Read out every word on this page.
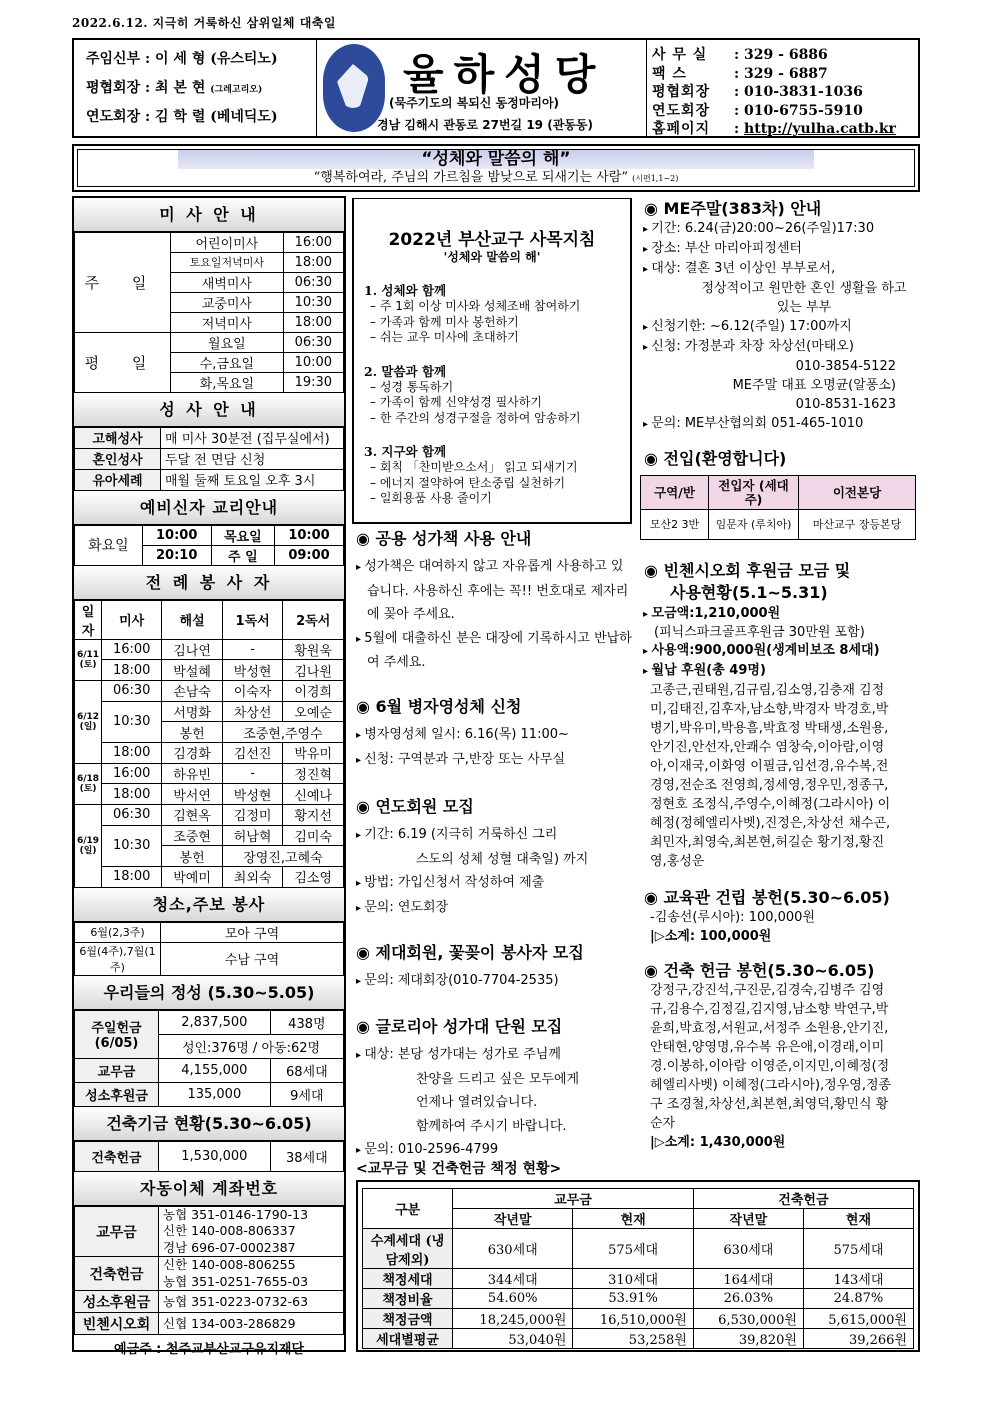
2022.6.12. 지극히 거룩하신 삼위일체 대축일
주임신부 : 이 세 형 (유스티노)
평협회장 : 최 본 현 (그레고리오)
연도회장 : 김 학 렬 (베네딕도)
율하성당
(묵주기도의 복되신 동정마리아)
경남 김해시 관동로 27번길 19 (관동동)
사 무 실 : 329 - 6886
팩 스	: 329 - 6887
평협회장 : 010-3831-1036
연도회장 : 010-6755-5910
홈페이지 : http://yulha.catb.kr
“성체와 말씀의 해”
“행복하여라, 주님의 가르침을 밤낮으로 되새기는 사람” (시편1,1~2)
미 사 안 내
주 일	어린이미사	16:00
	토요일저녁미사	18:00
	새벽미사	06:30
	교중미사	10:30
	저녁미사	18:00
평 일	월요일	06:30
	수,금요일	10:00
	화,목요일	19:30
성 사 안 내
고해성사	매 미사 30분전 (집무실에서)
혼인성사	두달 전 면담 신청
유아세례	매월 둘째 토요일 오후 3시
예비신자 교리안내
화요일	10:00	목요일	10:00
	20:10	주 일	09:00
전 례 봉 사 자
일자	미사	해설	1독서	2독서
6/11 (토)	16:00	김나연	-	황원욱
	18:00	박설혜	박성현	김나원
6/12 (일)	06:30	손남숙	이숙자	이경희
	10:30	서명화	차상선	오예순
		봉헌	조중현,주영수	
	18:00	김경화	김선진	박유미
6/18 (토)	16:00	하유빈	-	정진혁
	18:00	박서연	박성현	신예나
6/19 (일)	06:30	김현옥	김정미	황지선
	10:30	조중현	허남혁	김미숙
		봉헌	장영진,고혜숙	
	18:00	박예미	최외숙	김소영
청소,주보 봉사
6월(2,3주)	모아 구역
6월(4주),7월(1주)	수남 구역
우리들의 정성 (5.30~5.05)
주일헌금
(6/05)	2,837,500	438명
	성인:376명 / 아동:62명	
교무금	4,155,000	68세대
성소후원금	135,000	9세대
건축기금 현황(5.30~6.05)
건축헌금	1,530,000	38세대
자동이체 계좌번호
교무금	농협 351-0146-1790-13
신한 140-008-806337
경남 696-07-0002387

건축헌금	신한 140-008-806255
농협 351-0251-7655-03

성소후원금	농협 351-0223-0732-63
빈첸시오회	신협 134-003-286829
예금주 : 천주교부산교구유지재단
2022년 부산교구 사목지침
'성체와 말씀의 해'
1. 성체와 함께
– 주 1회 이상 미사와 성체조배 참여하기
– 가족과 함께 미사 봉헌하기
– 쉬는 교우 미사에 초대하기
2. 말씀과 함께
– 성경 통독하기
– 가족이 함께 신약성경 필사하기
– 한 주간의 성경구절을 정하여 암송하기
3. 지구와 함께
– 회칙 「찬미받으소서」 읽고 되새기기
– 에너지 절약하여 탄소중립 실천하기
– 일회용품 사용 줄이기
◉ 공용 성가책 사용 안내
▸ 성가책은 대여하지 않고 자유롭게 사용하고 있습니다. 사용하신 후에는 꼭!! 번호대로 제자리에 꽂아 주세요.
▸ 5월에 대출하신 분은 대장에 기록하시고 반납하여 주세요.
◉ 6월 병자영성체 신청
▸ 병자영성체 일시: 6.16(목) 11:00~
▸ 신청: 구역분과 구,반장 또는 사무실
◉ 연도회원 모집
▸ 기간: 6.19 (지극히 거룩하신 그리
스도의 성체 성혈 대축일) 까지
▸ 방법: 가입신청서 작성하여 제출
▸ 문의: 연도회장
◉ 제대회원, 꽃꽂이 봉사자 모집
▸ 문의: 제대회장(010-7704-2535)
◉ 글로리아 성가대 단원 모집
▸ 대상: 본당 성가대는 성가로 주님께
찬양을 드리고 싶은 모두에게
언제나 열려있습니다.
함께하여 주시기 바랍니다.
▸ 문의: 010-2596-4799
◉ ME주말(383차) 안내
▸ 기간: 6.24(금)20:00~26(주일)17:30
▸ 장소: 부산 마리아피정센터
▸ 대상: 결혼 3년 이상인 부부로서,
정상적이고 원만한 혼인 생활을 하고 있는 부부
▸ 신청기한: ~6.12(주일) 17:00까지
▸ 신청: 가정분과 차장 차상선(마태오)
010-3854-5122
ME주말 대표 오명균(알퐁소)
010-8531-1623
▸ 문의: ME부산협의회 051-465-1010
◉ 전입(환영합니다)
구역/반	전입자 (세대주)	이전본당
모산2 3반	임문자 (루치아)	마산교구 장등본당
◉ 빈첸시오회 후원금 모금 및
사용현황(5.1~5.31)
▸ 모금액:1,210,000원
(피닉스파크골프후원금 30만원 포함)
▸ 사용액:900,000원(생계비보조 8세대)
▸ 월납 후원(총 49명)
고종근,권태원,김규림,김소영,김충재 김정미,김태진,김후자,남소향,박경자 박경호,박병기,박유미,박용흠,박효정 박태생,소원용,안기진,안선자,안쾌수 염창숙,이아람,이영아,이재국,이화영 이필금,임선경,유수복,전경영,전순조 전영희,정세영,정우민,정종구,정현호 조정식,주영수,이혜정(그라시아) 이혜정(정헤엘리사벳),진정은,차상선 채수곤,최민자,최영숙,최본현,허길순 황기정,황진영,홍성운
◉ 교육관 건립 봉헌(5.30~6.05)
-김송선(루시아): 100,000원
|▷소계: 100,000원
◉ 건축 헌금 봉헌(5.30~6.05)
강정구,강진석,구진문,김경숙,김병주 김영규,김용수,김정길,김지영,남소향 박연구,박윤희,박효정,서원교,서정주 소원용,안기진,안태현,양영명,유수복 유은애,이경래,이미경.이봉하,이아람 이영준,이지민,이혜정(정헤엘리사벳) 이혜정(그라시아),정우영,정종구 조경철,차상선,최본현,최영덕,황민식 황순자
|▷소계: 1,430,000원
<교무금 및 건축헌금 책정 현황>
구분	교무금		건축헌금	
	작년말	현재	작년말	현재
수계세대 (냉담제외)	630세대	575세대	630세대	575세대
책정세대	344세대	310세대	164세대	143세대
책정비율	54.60%	53.91%	26.03%	24.87%
책정금액	18,245,000원	16,510,000원	6,530,000원	5,615,000원
세대별평균	53,040원	53,258원	39,820원	39,266원
